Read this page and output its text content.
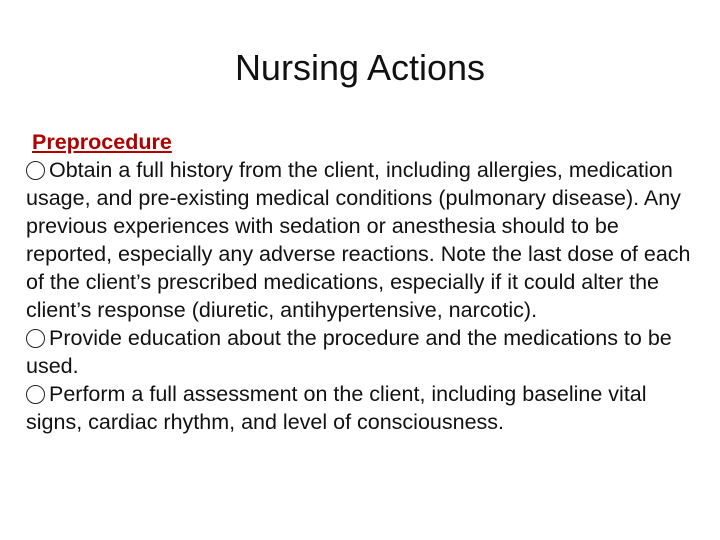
Nursing Actions
Preprocedure

Obtain a full history from the client, including allergies, medication usage, and pre-existing medical conditions (pulmonary disease). Any previous experiences with sedation or anesthesia should to be reported, especially any adverse reactions. Note the last dose of each of the client’s prescribed medications, especially if it could alter the client’s response (diuretic, antihypertensive, narcotic).

Provide education about the procedure and the medications to be used.

Perform a full assessment on the client, including baseline vital signs, cardiac rhythm, and level of consciousness.
